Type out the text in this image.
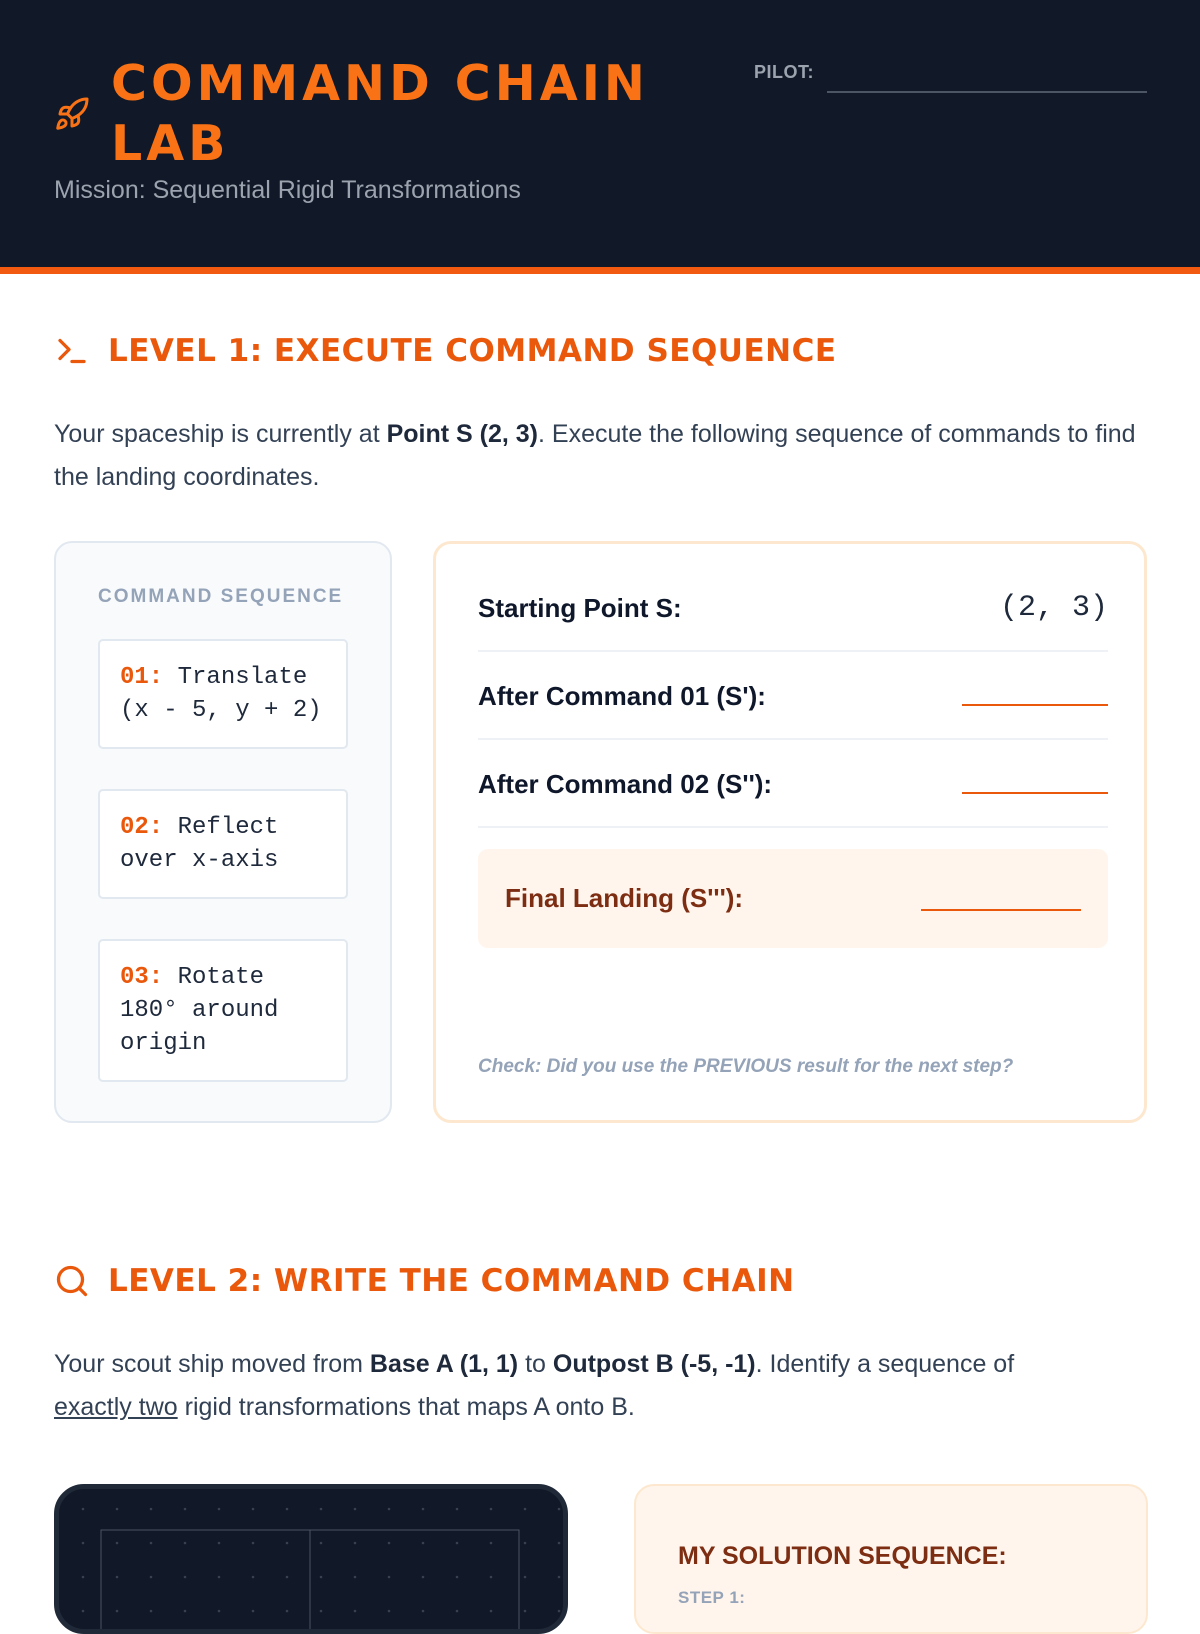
COMMAND CHAIN LAB
Mission: Sequential Rigid Transformations
PILOT:
LEVEL 1: EXECUTE COMMAND SEQUENCE
Your spaceship is currently at Point S (2, 3). Execute the following sequence of commands to find the landing coordinates.
COMMAND SEQUENCE
01: Translate (x - 5, y + 2)
02: Reflect over x-axis
03: Rotate 180° around origin
Starting Point S:	(2, 3)
After Command 01 (S'):
After Command 02 (S''):
Final Landing (S'''):
Check: Did you use the PREVIOUS result for the next step?
LEVEL 2: WRITE THE COMMAND CHAIN
Your scout ship moved from Base A (1, 1) to Outpost B (-5, -1). Identify a sequence of
exactly two rigid transformations that maps A onto B.
MY SOLUTION SEQUENCE:
STEP 1:
